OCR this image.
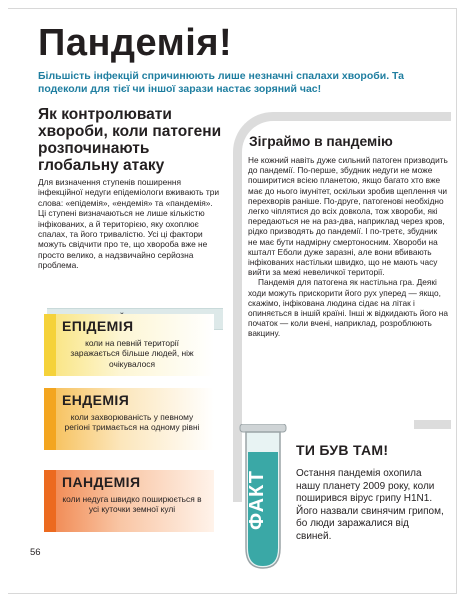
Пандемія!

Більшість інфекцій спричинюють лише незначні спалахи хвороби. Та подеколи для тієї чи іншої зарази настає зоряний час!

Як контролювати хвороби, коли патогени розпочинають глобальну атаку

Для визначення ступенів поширення інфекційної недуги епідеміологи вживають три слова: «епідемія», «ендемія» та «пандемія». Ці ступені визначаються не лише кількістю інфікованих, а й територією, яку охоплює спалах, та його тривалістю. Усі ці фактори можуть свідчити про те, що хвороба вже не просто велико, а надзвичайно серйозна проблема.

ЕПІДЕМІЯ
коли на певній території заражається більше людей, ніж очікувалося
ЕНДЕМІЯ
коли захворюваність у певному регіоні тримається на одному рівні
ПАНДЕМІЯ
коли недуга швидко поширюється в усі куточки земної кулі
Зіграймо в пандемію

Не кожний навіть дуже сильний патоген призводить до пандемії. По-перше, збудник недуги не може поширитися всією планетою, якщо багато хто вже має до нього імунітет, оскільки зробив щеплення чи перехворів раніше. По-друге, патогенові необхідно легко чіплятися до всіх довкола, тож хвороби, які передаються не на раз-два, наприклад через кров, рідко призводять до пандемії. І по-третє, збудник не має бути надмірну смертоносним. Хвороби на кшталт Еболи дуже заразні, але вони вбивають інфікованих настільки швидко, що не мають часу вийти за межі невеличкої території.

Пандемія для патогена як настільна гра. Деякі ходи можуть прискорити його рух уперед — якщо, скажімо, інфікована людина сідає на літак і опиняється в іншій країні. Інші ж відкидають його на початок — коли вчені, наприклад, розроблюють вакцину.

ФАКТ
ТИ БУВ ТАМ!

Остання пандемія охопила нашу планету 2009 року, коли поширився вірус грипу H1N1. Його назвали свинячим грипом, бо люди заражалися від свиней.

56
